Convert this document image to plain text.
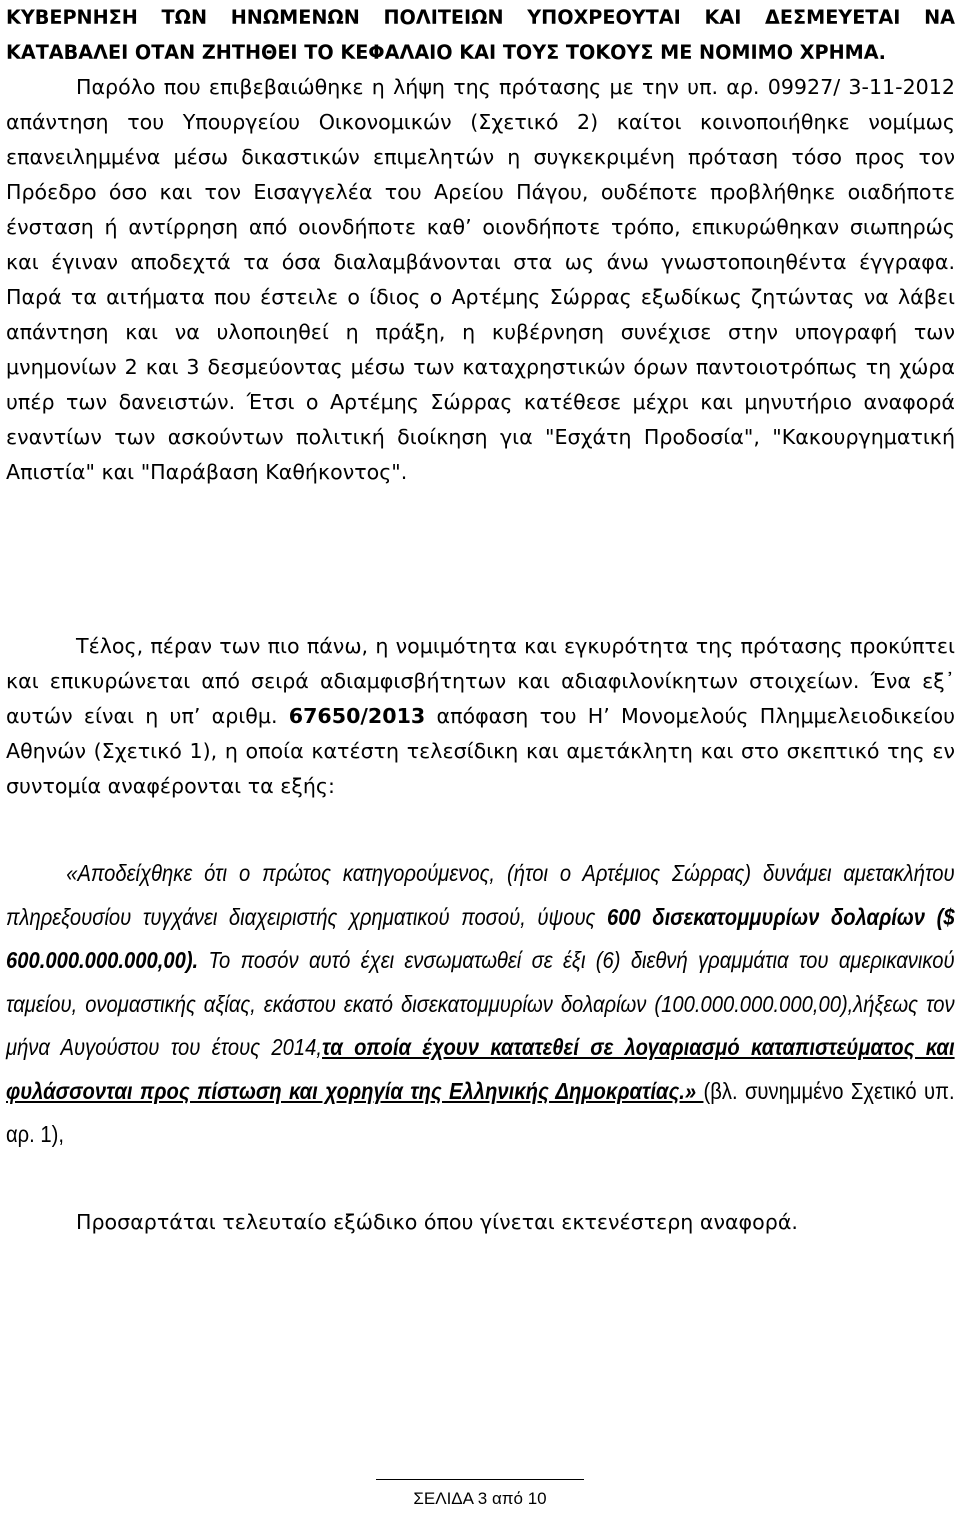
ΚΥΒΕΡΝΗΣΗ ΤΩΝ ΗΝΩΜΕΝΩΝ ΠΟΛΙΤΕΙΩΝ ΥΠΟΧΡΕΟΥΤΑΙ ΚΑΙ ΔΕΣΜΕΥΕΤΑΙ ΝΑ ΚΑΤΑΒΑΛΕΙ ΟΤΑΝ ΖΗΤΗΘΕΙ ΤΟ ΚΕΦΑΛΑΙΟ ΚΑΙ ΤΟΥΣ ΤΟΚΟΥΣ ΜΕ ΝΟΜΙΜΟ ΧΡΗΜΑ.

Παρόλο που επιβεβαιώθηκε η λήψη της πρότασης με την υπ. αρ. 09927/ 3-11-2012 απάντηση του Υπουργείου Οικονομικών (Σχετικό 2) καίτοι κοινοποιήθηκε νομίμως επανειλημμένα μέσω δικαστικών επιμελητών η συγκεκριμένη πρόταση τόσο προς τον Πρόεδρο όσο και τον Εισαγγελέα του Αρείου Πάγου, ουδέποτε προβλήθηκε οιαδήποτε ένσταση ή αντίρρηση από οιονδήποτε καθ’ οιονδήποτε τρόπο, επικυρώθηκαν σιωπηρώς και έγιναν αποδεχτά τα όσα διαλαμβάνονται στα ως άνω γνωστοποιηθέντα έγγραφα. Παρά τα αιτήματα που έστειλε ο ίδιος ο Αρτέμης Σώρρας εξωδίκως ζητώντας να λάβει απάντηση και να υλοποιηθεί η πράξη, η κυβέρνηση συνέχισε στην υπογραφή των μνημονίων 2 και 3 δεσμεύοντας μέσω των καταχρηστικών όρων παντοιοτρόπως τη χώρα υπέρ των δανειστών. Έτσι ο Αρτέμης Σώρρας κατέθεσε μέχρι και μηνυτήριο αναφορά εναντίων των ασκούντων πολιτική διοίκηση για "Εσχάτη Προδοσία", "Κακουργηματική Απιστία" και "Παράβαση Καθήκοντος".

Τέλος, πέραν των πιο πάνω, η νομιμότητα και εγκυρότητα της πρότασης προκύπτει και επικυρώνεται από σειρά αδιαμφισβήτητων και αδιαφιλονίκητων στοιχείων. Ένα εξ᾽ αυτών είναι η υπ’ αριθμ. 67650/2013 απόφαση του Η’ Μονομελούς Πλημμελειοδικείου Αθηνών (Σχετικό 1), η οποία κατέστη τελεσίδικη και αμετάκλητη και στο σκεπτικό της εν συντομία αναφέρονται τα εξής:

«Αποδείχθηκε ότι ο πρώτος κατηγορούμενος, (ήτοι ο Αρτέμιος Σώρρας) δυνάμει αμετακλήτου πληρεξουσίου τυγχάνει διαχειριστής χρηματικού ποσού, ύψους 600 δισεκατομμυρίων δολαρίων ($ 600.000.000.000,00). Το ποσόν αυτό έχει ενσωματωθεί σε έξι (6) διεθνή γραμμάτια του αμερικανικού ταμείου, ονομαστικής αξίας, εκάστου εκατό δισεκατομμυρίων δολαρίων (100.000.000.000,00),λήξεως τον μήνα Αυγούστου του έτους 2014,τα οποία έχουν κατατεθεί σε λογαριασμό καταπιστεύματος και φυλάσσονται προς πίστωση και χορηγία της Ελληνικής Δημοκρατίας.» (βλ. συνημμένο Σχετικό υπ. αρ. 1),

Προσαρτάται τελευταίο εξώδικο όπου γίνεται εκτενέστερη αναφορά.

ΣΕΛΙΔΑ 3 από 10
